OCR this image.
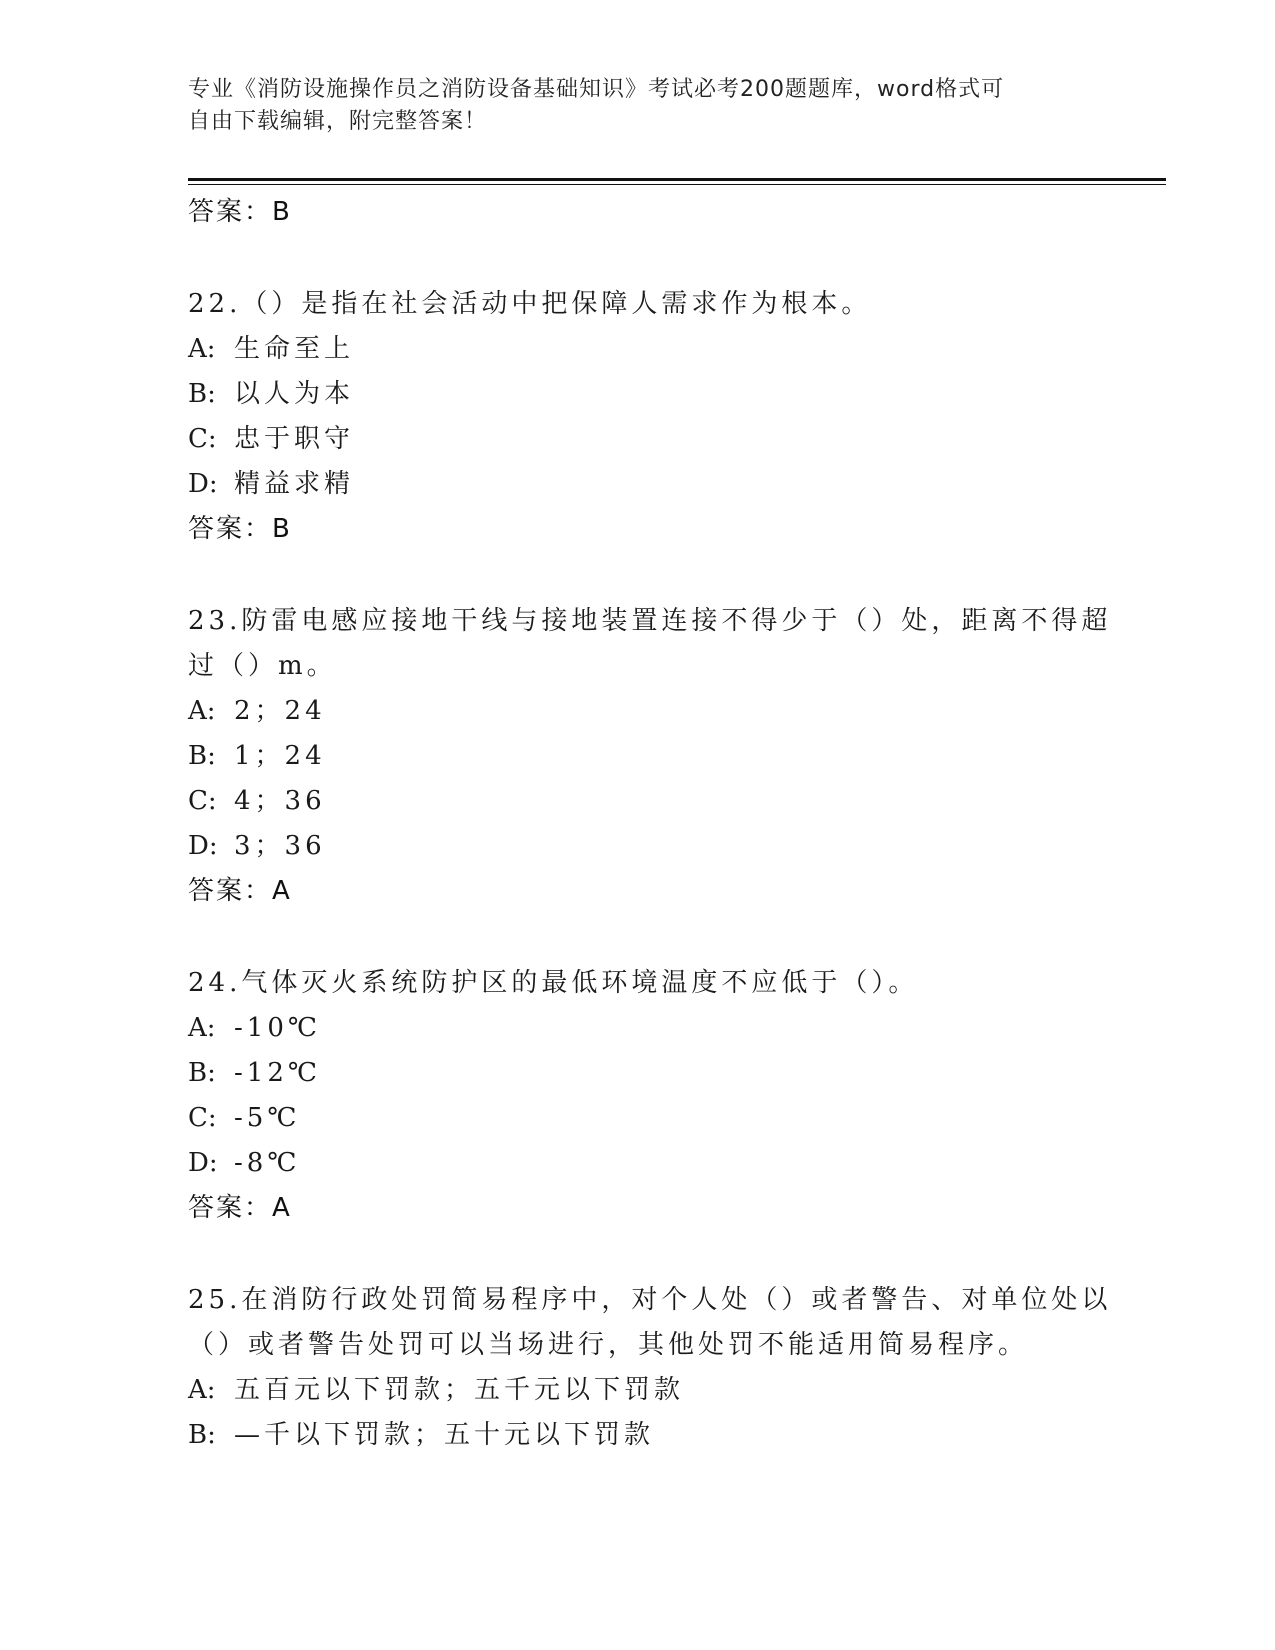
专业《消防设施操作员之消防设备基础知识》考试必考200题题库，word格式可
自由下载编辑，附完整答案！
答案：B
22.（）是指在社会活动中把保障人需求作为根本。
A: 生命至上
B: 以人为本
C: 忠于职守
D: 精益求精
答案：B
23.防雷电感应接地干线与接地装置连接不得少于（）处，距离不得超
过（）m。
A: 2；24
B: 1；24
C: 4；36
D: 3；36
答案：A
24.气体灭火系统防护区的最低环境温度不应低于（）。
A: -10℃
B: -12℃
C: -5℃
D: -8℃
答案：A
25.在消防行政处罚简易程序中，对个人处（）或者警告、对单位处以
（）或者警告处罚可以当场进行，其他处罚不能适用简易程序。
A: 五百元以下罚款；五千元以下罚款
B: —千以下罚款；五十元以下罚款
